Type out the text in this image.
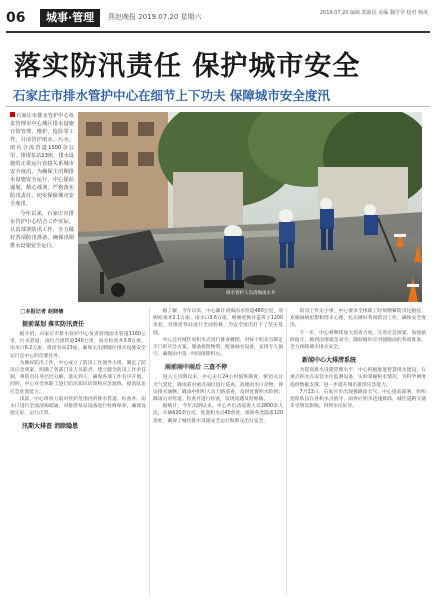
06	城事·管理	燕赵晚报 2019.07.20 星期六	2019.07.20 编辑 郑新民 美编 魏雪莹 校对 杨风
落实防汛责任 保护城市安全
石家庄市排水管护中心在细节上下功夫 保障城市安全度汛

石家庄市排水管护中心负责管理市中心城区排水设施日常管理、维护、抢险等工作，目前管护雨水、污水、雨污合流管道1500余公里，排涝泵站23座，排水设施的正常运行直接关系城市安全度汛。为确保主汛期排水设施安全运行，中心提前谋划，精心部署，严格落实防汛责任，切实保障城市安全度汛。

今年以来，石家庄市排水管护中心结合工作实际，认真部署防汛工作，全力做好各项防汛准备，确保汛期排水设施安全运行。

排水管护人员清掏雨水井

□本报记者 赵晓楠

提前谋划 落实防汛责任

据介绍，石家庄市排水管护中心负责管理雨水管道1160公里，污水管道、雨污合流管道340公里，雨水检查井3.8万座，雨水口6.2万座，排涝泵站23座，确保主汛期城区排水设施安全运行是中心的首要任务。

为做好防汛工作，中心成立了防汛工作领导小组，制定了防汛应急预案，明确了各部门及人员职责，建立健全防汛工作责任制，将防汛任务层层分解，落实到人，确保各项工作有序开展。同时，中心对全体职工进行防汛知识培训和应急演练，提高队伍应急处置能力。

汛前，中心组织力量对管护范围内的排水管道、检查井、雨水口进行全面清掏疏通，对排涝泵站设备进行检修保养，确保设施完好、运行正常。

汛期大排查 消除隐患

据了解，今年以来，中心累计清掏雨水管道480公里，清掏检查井2.1万座、雨水口3.6万座，维修更换井盖箅子1200余套，对排涝泵站进行全面检修，为安全度汛打下了坚实基础。

中心还对城区易积水点进行排查梳理，对每个积水点制定专门的应急方案，储备抢险物资，配备抽水设备，安排专人值守，确保雨中第一时间排除积水。

雨前雨中雨后 三查不停

进入主汛期以来，中心实行24小时值班制度，密切关注天气变化，降雨前对重点部位进行巡查，清理雨水口杂物，保证排水通畅；降雨中组织人员上路巡查，及时处置积水险情；降雨后对管道、检查井进行检查，发现问题及时维修。

据统计，今年汛期以来，中心共出动巡查人员2800余人次，车辆620余台次，处置积水点40余处，排除各类隐患120余处，确保了城区排水设施安全运行和群众出行安全。

防汛工作无小事，中心要求全体职工时刻绷紧防汛这根弦，克服麻痹思想和侥幸心理，扎实做好各项防汛工作，确保安全度汛。

下一步，中心将继续加大巡查力度，完善应急预案，加强值班值守，做到雨情就是命令，随时做好应对强降雨的各项准备，全力保障城市排水安全。

新闻中心大排涝系统

为提高排水设施管理水平，中心积极推进智慧排水建设，在重点积水点安装水位监测设备，实时掌握积水情况，为科学调度提供数据支撑，进一步提升城市排涝应急能力。

7月13日，石家庄市出现强降雨天气，中心提前部署，组织抢险队伍在各积水点值守，雨停后积水迅速排除，城区道路交通未受明显影响，得到市民好评。
